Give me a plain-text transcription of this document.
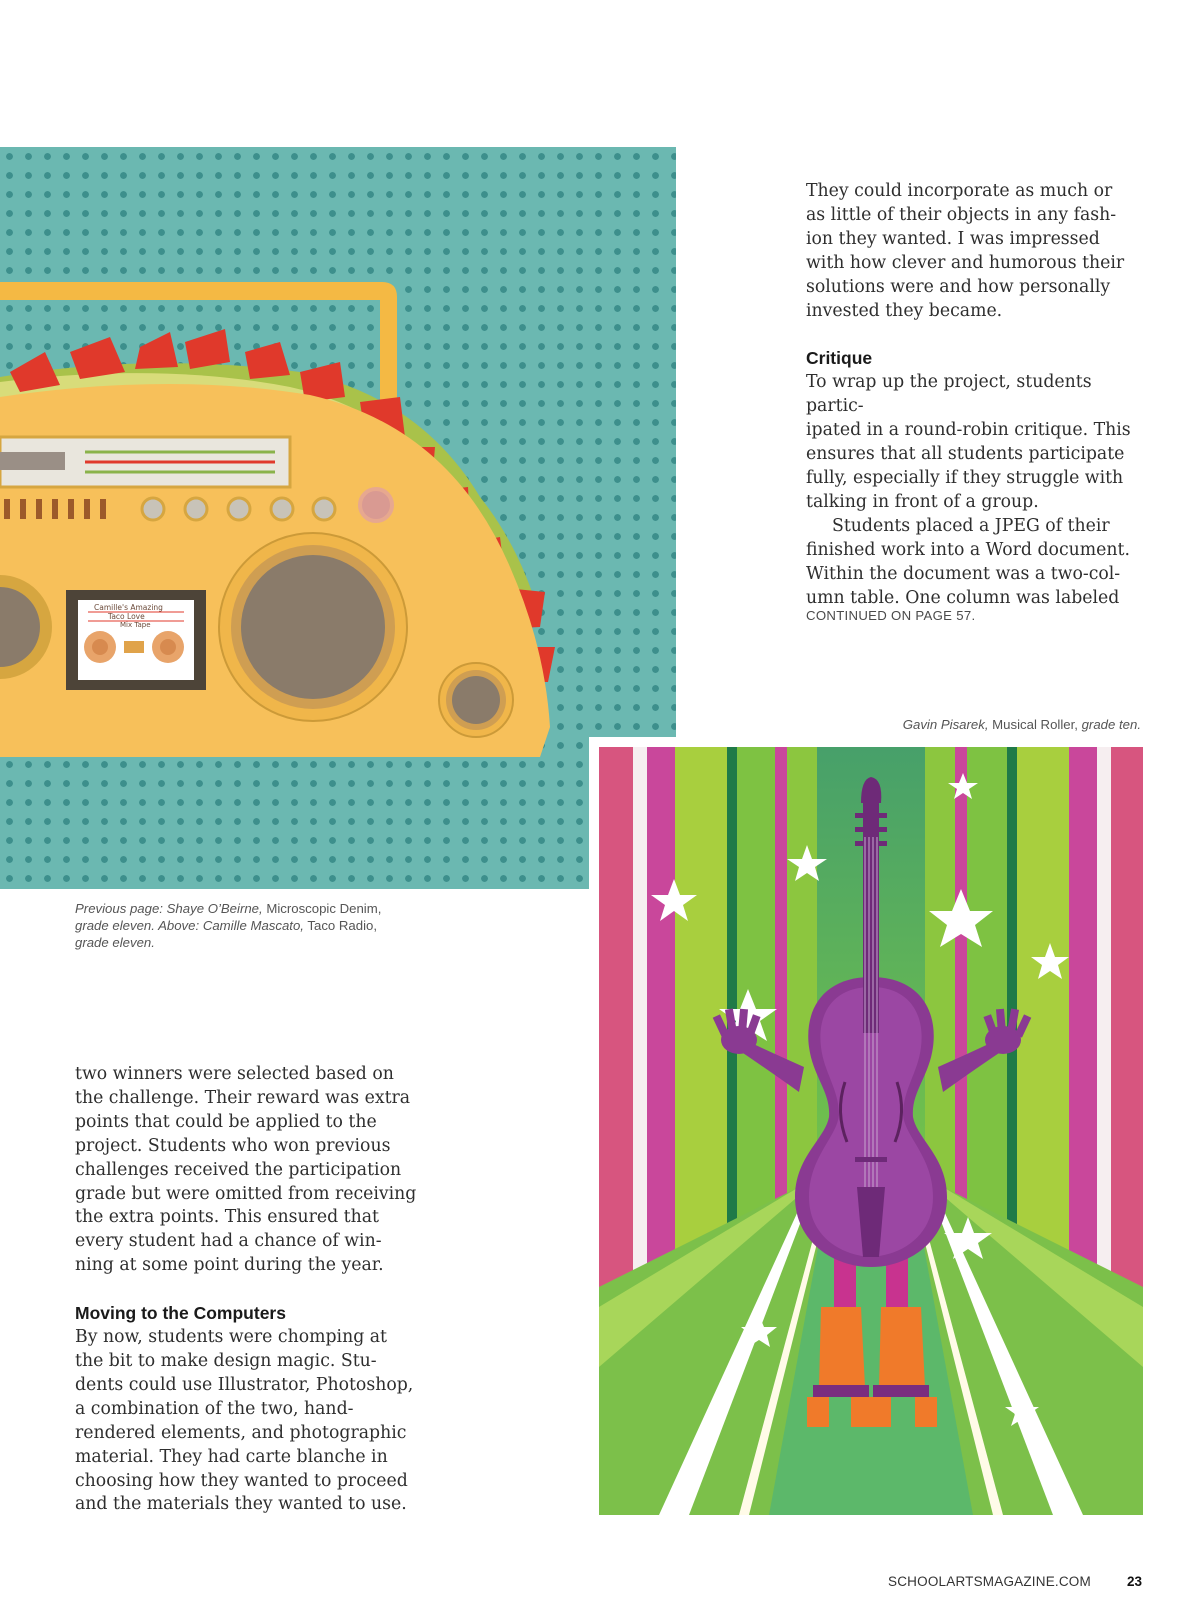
Camille's Amazing
Taco Love
Mix Tape

They could incorporate as much or

as little of their objects in any fash-

ion they wanted. I was impressed

with how clever and humorous their

solutions were and how personally

invested they became.

Critique

To wrap up the project, students partic-

ipated in a round-robin critique. This

ensures that all students participate

fully, especially if they struggle with

talking in front of a group.

Students placed a JPEG of their

finished work into a Word document.

Within the document was a two-col-

umn table. One column was labeled

CONTINUED ON PAGE 57.
Gavin Pisarek, Musical Roller, grade ten.
Previous page: Shaye O’Beirne, Microscopic Denim,
grade eleven. Above: Camille Mascato, Taco Radio,
grade eleven.

two winners were selected based on

the challenge. Their reward was extra

points that could be applied to the

project. Students who won previous

challenges received the participation

grade but were omitted from receiving

the extra points. This ensured that

every student had a chance of win-

ning at some point during the year.

Moving to the Computers

By now, students were chomping at

the bit to make design magic. Stu-

dents could use Illustrator, Photoshop,

a combination of the two, hand-

rendered elements, and photographic

material. They had carte blanche in

choosing how they wanted to proceed

and the materials they wanted to use.

SCHOOLARTSMAGAZINE.COM	23
